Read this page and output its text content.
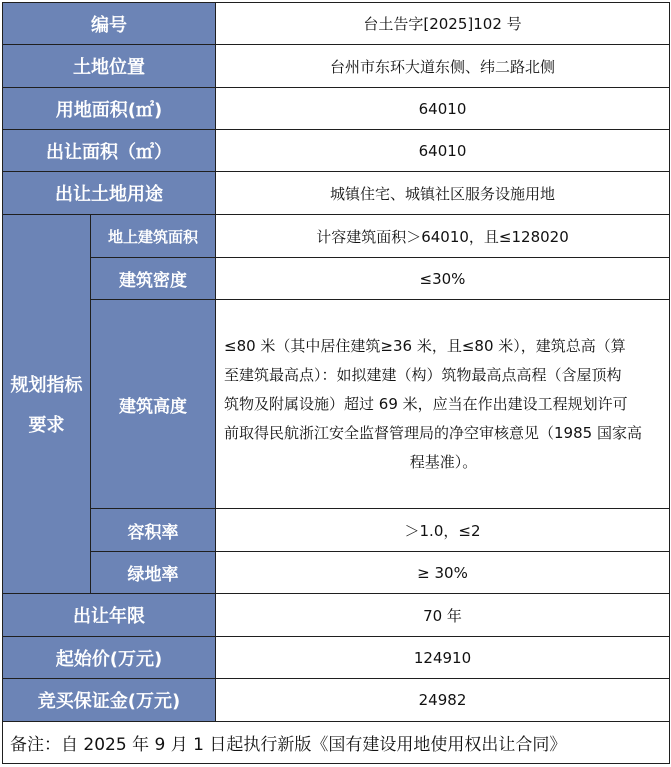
编号		台土告字[2025]102 号
土地位置		台州市东环大道东侧、纬二路北侧
用地面积(㎡)		64010
出让面积（㎡）		64010
出让土地用途		城镇住宅、城镇社区服务设施用地

规划指标
要求	地上建筑面积	计容建筑面积＞64010，且≤128020
	建筑密度	≤30%
	建筑高度	≤80 米（其中居住建筑≥36 米，且≤80 米），建筑总高（算
至建筑最高点）：如拟建建（构）筑物最高点高程（含屋顶构
筑物及附属设施）超过 69 米，应当在作出建设工程规划许可
前取得民航浙江安全监督管理局的净空审核意见（1985 国家高
程基准）。

	容积率	＞1.0，≤2
	绿地率	≥ 30%

出让年限		70 年
起始价(万元)		124910
竞买保证金(万元)		24982
备注：自 2025 年 9 月 1 日起执行新版《国有建设用地使用权出让合同》		
